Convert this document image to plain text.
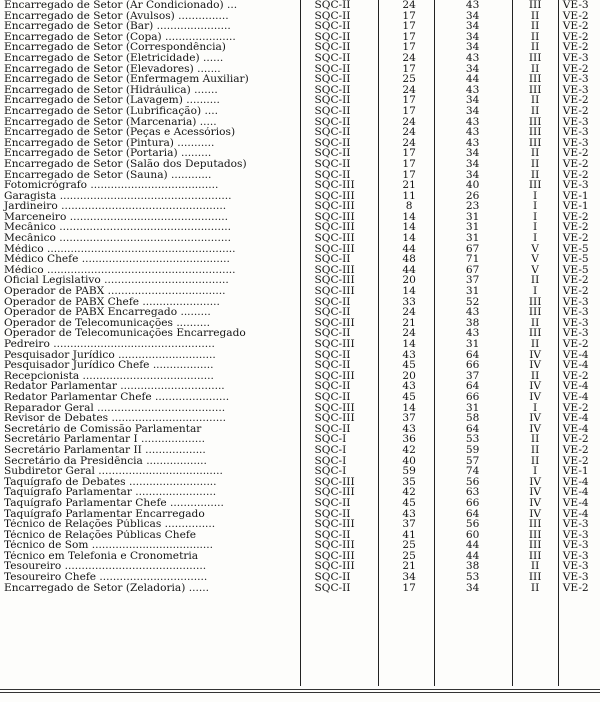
Encarregado de Setor (Ar Condicionado) ...	SQC-II	24	43	III	VE-3
Encarregado de Setor (Avulsos) ...............	SQC-II	17	34	II	VE-2
Encarregado de Setor (Bar) ......................	SQC-II	17	34	II	VE-2
Encarregado de Setor (Copa) .....................	SQC-II	17	34	II	VE-2
Encarregado de Setor (Correspondência)	SQC-II	17	34	II	VE-2
Encarregado de Setor (Eletricidade) ......	SQC-II	24	43	III	VE-3
Encarregado de Setor (Elevadores) .......	SQC-II	17	34	II	VE-2
Encarregado de Setor (Enfermagem Auxiliar)	SQC-II	25	44	III	VE-3
Encarregado de Setor (Hidráulica) .......	SQC-II	24	43	III	VE-3
Encarregado de Setor (Lavagem) ..........	SQC-II	17	34	II	VE-2
Encarregado de Setor (Lubrificação) ....	SQC-II	17	34	II	VE-2
Encarregado de Setor (Marcenaria) .....	SQC-II	24	43	III	VE-3
Encarregado de Setor (Peças e Acessórios)	SQC-II	24	43	III	VE-3
Encarregado de Setor (Pintura) ...........	SQC-II	24	43	III	VE-3
Encarregado de Setor (Portaria) .........	SQC-II	17	34	II	VE-2
Encarregado de Setor (Salão dos Deputados)	SQC-II	17	34	II	VE-2
Encarregado de Setor (Sauna) ............	SQC-II	17	34	II	VE-2
Fotomicrógrafo ......................................	SQC-III	21	40	III	VE-3
Garagista ...................................................	SQC-III	11	26	I	VE-1
Jardineiro .................................................	SQC-III	8	23	I	VE-1
Marceneiro ...............................................	SQC-III	14	31	I	VE-2
Mecânico ...................................................	SQC-III	14	31	I	VE-2
Mecânico ...................................................	SQC-III	14	31	I	VE-2
Médico ........................................................	SQC-III	44	67	V	VE-5
Médico Chefe ............................................	SQC-II	48	71	V	VE-5
Médico ........................................................	SQC-III	44	67	V	VE-5
Oficial Legislativo .....................................	SQC-III	20	37	II	VE-2
Operador de PABX ...................................	SQC-III	14	31	I	VE-2
Operador de PABX Chefe .......................	SQC-II	33	52	III	VE-3
Operador de PABX Encarregado .........	SQC-II	24	43	III	VE-3
Operador de Telecomunicações ..........	SQC-III	21	38	II	VE-3
Operador de Telecomunicações Encarregado	SQC-II	24	43	III	VE-3
Pedreiro ................................................	SQC-III	14	31	II	VE-2
Pesquisador Jurídico .............................	SQC-II	43	64	IV	VE-4
Pesquisador Jurídico Chefe ..................	SQC-II	45	66	IV	VE-4
Recepcionista .......................................	SQC-III	20	37	II	VE-2
Redator Parlamentar ...............................	SQC-II	43	64	IV	VE-4
Redator Parlamentar Chefe ......................	SQC-II	45	66	IV	VE-4
Reparador Geral ......................................	SQC-III	14	31	I	VE-2
Revisor de Debates ..................................	SQC-III	37	58	IV	VE-4
Secretário de Comissão Parlamentar	SQC-II	43	64	IV	VE-4
Secretário Parlamentar I ...................	SQC-I	36	53	II	VE-2
Secretário Parlamentar II ..................	SQC-I	42	59	II	VE-2
Secretário da Presidência ..................	SQC-I	40	57	II	VE-2
Subdiretor Geral .....................................	SQC-I	59	74	I	VE-1
Taquígrafo de Debates ..........................	SQC-III	35	56	IV	VE-4
Taquígrafo Parlamentar ........................	SQC-III	42	63	IV	VE-4
Taquígrafo Parlamentar Chefe ................	SQC-II	45	66	IV	VE-4
Taquígrafo Parlamentar Encarregado	SQC-II	43	64	IV	VE-4
Técnico de Relações Públicas ...............	SQC-III	37	56	III	VE-3
Técnico de Relações Públicas Chefe	SQC-II	41	60	III	VE-3
Técnico de Som ....................................	SQC-III	25	44	III	VE-3
Técnico em Telefonia e Cronometria	SQC-III	25	44	III	VE-3
Tesoureiro ..........................................	SQC-III	21	38	II	VE-3
Tesoureiro Chefe ................................	SQC-II	34	53	III	VE-3
Encarregado de Setor (Zeladoria) ......	SQC-II	17	34	II	VE-2
